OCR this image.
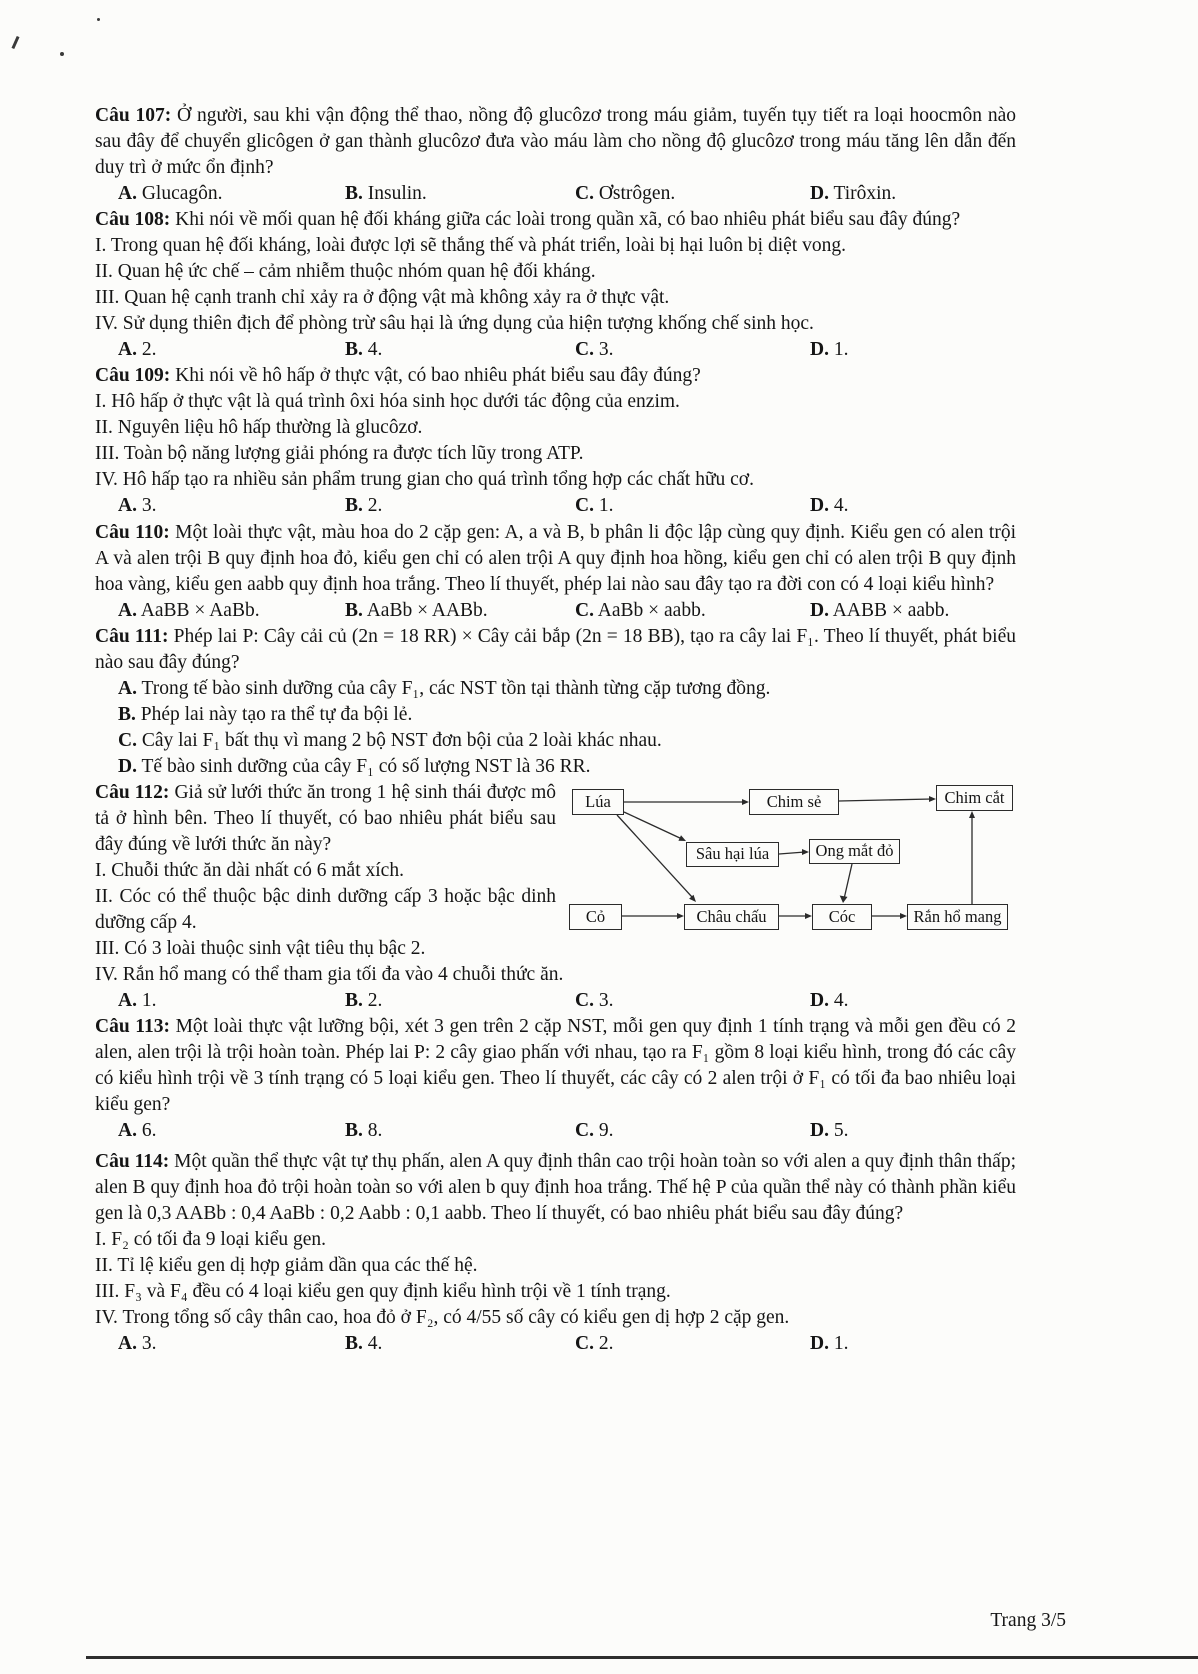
Câu 107: Ở người, sau khi vận động thể thao, nồng độ glucôzơ trong máu giảm, tuyến tụy tiết ra loại hoocmôn nào sau đây để chuyển glicôgen ở gan thành glucôzơ đưa vào máu làm cho nồng độ glucôzơ trong máu tăng lên dẫn đến duy trì ở mức ổn định?

A. Glucagôn.	B. Insulin.	C. Ơstrôgen.	D. Tirôxin.

Câu 108: Khi nói về mối quan hệ đối kháng giữa các loài trong quần xã, có bao nhiêu phát biểu sau đây đúng?

I. Trong quan hệ đối kháng, loài được lợi sẽ thắng thế và phát triển, loài bị hại luôn bị diệt vong.

II. Quan hệ ức chế – cảm nhiễm thuộc nhóm quan hệ đối kháng.

III. Quan hệ cạnh tranh chỉ xảy ra ở động vật mà không xảy ra ở thực vật.

IV. Sử dụng thiên địch để phòng trừ sâu hại là ứng dụng của hiện tượng khống chế sinh học.

A. 2.	B. 4.	C. 3.	D. 1.

Câu 109: Khi nói về hô hấp ở thực vật, có bao nhiêu phát biểu sau đây đúng?

I. Hô hấp ở thực vật là quá trình ôxi hóa sinh học dưới tác động của enzim.

II. Nguyên liệu hô hấp thường là glucôzơ.

III. Toàn bộ năng lượng giải phóng ra được tích lũy trong ATP.

IV. Hô hấp tạo ra nhiều sản phẩm trung gian cho quá trình tổng hợp các chất hữu cơ.

A. 3.	B. 2.	C. 1.	D. 4.

Câu 110: Một loài thực vật, màu hoa do 2 cặp gen: A, a và B, b phân li độc lập cùng quy định. Kiểu gen có alen trội A và alen trội B quy định hoa đỏ, kiểu gen chỉ có alen trội A quy định hoa hồng, kiểu gen chỉ có alen trội B quy định hoa vàng, kiểu gen aabb quy định hoa trắng. Theo lí thuyết, phép lai nào sau đây tạo ra đời con có 4 loại kiểu hình?

A. AaBB × AaBb.	B. AaBb × AABb.	C. AaBb × aabb.	D. AABB × aabb.

Câu 111: Phép lai P: Cây cải củ (2n = 18 RR) × Cây cải bắp (2n = 18 BB), tạo ra cây lai F₁. Theo lí thuyết, phát biểu nào sau đây đúng?

A. Trong tế bào sinh dưỡng của cây F₁, các NST tồn tại thành từng cặp tương đồng.

B. Phép lai này tạo ra thể tự đa bội lẻ.

C. Cây lai F₁ bất thụ vì mang 2 bộ NST đơn bội của 2 loài khác nhau.

D. Tế bào sinh dưỡng của cây F₁ có số lượng NST là 36 RR.

Lúa	Chim sẻ	Chim cắt
Sâu hại lúa	Ong mắt đỏ
Cỏ	Châu chấu	Cóc	Rắn hổ mang

Câu 112: Giả sử lưới thức ăn trong 1 hệ sinh thái được mô tả ở hình bên. Theo lí thuyết, có bao nhiêu phát biểu sau đây đúng về lưới thức ăn này?

I. Chuỗi thức ăn dài nhất có 6 mắt xích.

II. Cóc có thể thuộc bậc dinh dưỡng cấp 3 hoặc bậc dinh dưỡng cấp 4.

III. Có 3 loài thuộc sinh vật tiêu thụ bậc 2.

IV. Rắn hổ mang có thể tham gia tối đa vào 4 chuỗi thức ăn.

A. 1.	B. 2.	C. 3.	D. 4.

Câu 113: Một loài thực vật lưỡng bội, xét 3 gen trên 2 cặp NST, mỗi gen quy định 1 tính trạng và mỗi gen đều có 2 alen, alen trội là trội hoàn toàn. Phép lai P: 2 cây giao phấn với nhau, tạo ra F₁ gồm 8 loại kiểu hình, trong đó các cây có kiểu hình trội về 3 tính trạng có 5 loại kiểu gen. Theo lí thuyết, các cây có 2 alen trội ở F₁ có tối đa bao nhiêu loại kiểu gen?

A. 6.	B. 8.	C. 9.	D. 5.

Câu 114: Một quần thể thực vật tự thụ phấn, alen A quy định thân cao trội hoàn toàn so với alen a quy định thân thấp; alen B quy định hoa đỏ trội hoàn toàn so với alen b quy định hoa trắng. Thế hệ P của quần thể này có thành phần kiểu gen là 0,3 AABb : 0,4 AaBb : 0,2 Aabb : 0,1 aabb. Theo lí thuyết, có bao nhiêu phát biểu sau đây đúng?

I. F₂ có tối đa 9 loại kiểu gen.

II. Tỉ lệ kiểu gen dị hợp giảm dần qua các thế hệ.

III. F₃ và F₄ đều có 4 loại kiểu gen quy định kiểu hình trội về 1 tính trạng.

IV. Trong tổng số cây thân cao, hoa đỏ ở F₂, có 4/55 số cây có kiểu gen dị hợp 2 cặp gen.

A. 3.	B. 4.	C. 2.	D. 1.
Trang 3/5
